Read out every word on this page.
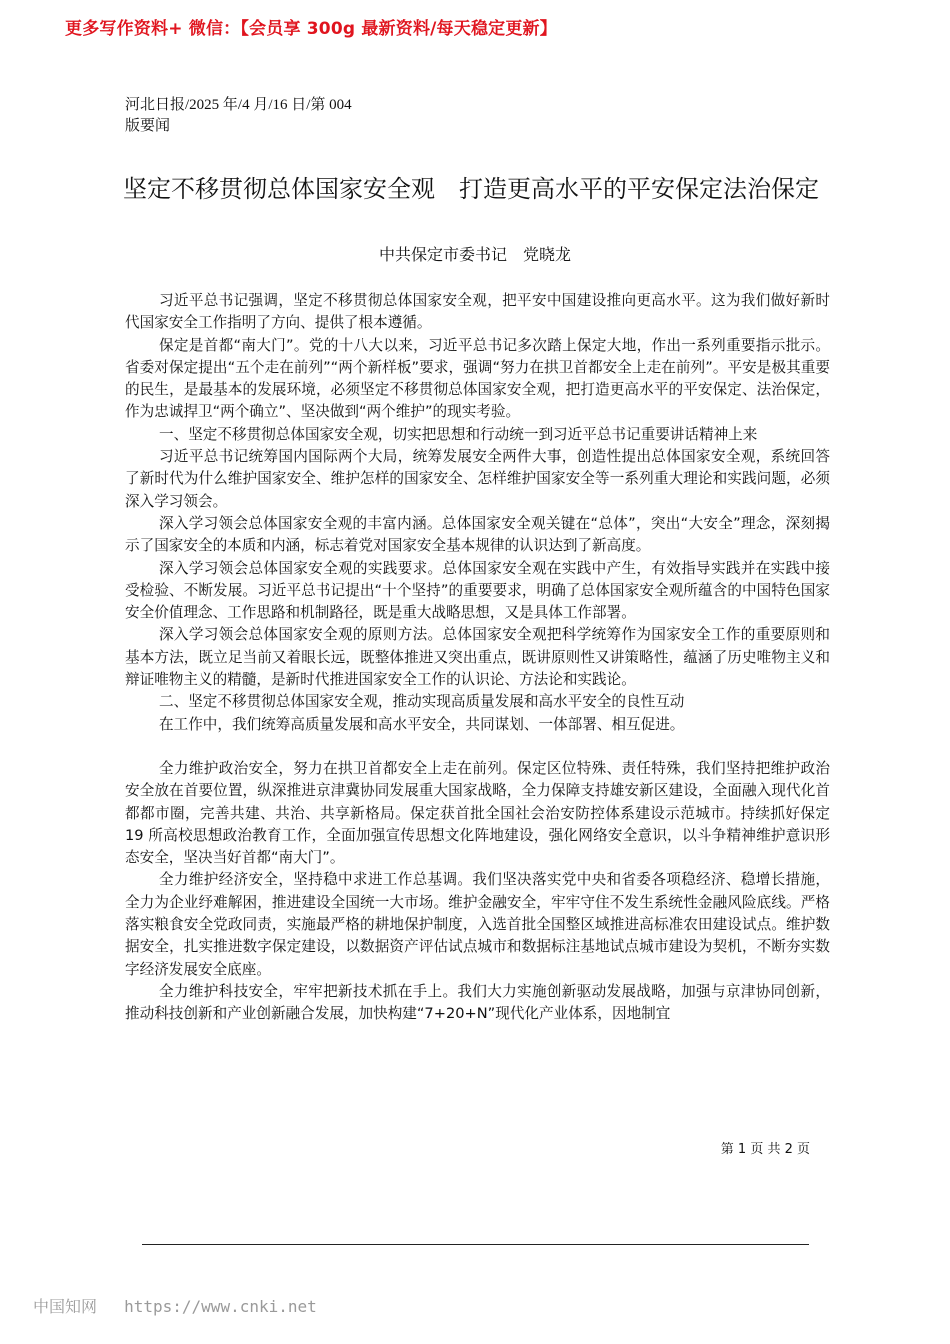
更多写作资料+ 微信：【会员享 300g 最新资料/每天稳定更新】
河北日报/2025 年/4 月/16 日/第 004
版要闻
坚定不移贯彻总体国家安全观　打造更高水平的平安保定法治保定
中共保定市委书记　党晓龙

习近平总书记强调，坚定不移贯彻总体国家安全观，把平安中国建设推向更高水平。这为我们做好新时代国家安全工作指明了方向、提供了根本遵循。

保定是首都“南大门”。党的十八大以来，习近平总书记多次踏上保定大地，作出一系列重要指示批示。省委对保定提出“五个走在前列”“两个新样板”要求，强调“努力在拱卫首都安全上走在前列”。平安是极其重要的民生，是最基本的发展环境，必须坚定不移贯彻总体国家安全观，把打造更高水平的平安保定、法治保定，作为忠诚捍卫“两个确立”、坚决做到“两个维护”的现实考验。

一、坚定不移贯彻总体国家安全观，切实把思想和行动统一到习近平总书记重要讲话精神上来

习近平总书记统筹国内国际两个大局，统筹发展安全两件大事，创造性提出总体国家安全观，系统回答了新时代为什么维护国家安全、维护怎样的国家安全、怎样维护国家安全等一系列重大理论和实践问题，必须深入学习领会。

深入学习领会总体国家安全观的丰富内涵。总体国家安全观关键在“总体”，突出“大安全”理念，深刻揭示了国家安全的本质和内涵，标志着党对国家安全基本规律的认识达到了新高度。

深入学习领会总体国家安全观的实践要求。总体国家安全观在实践中产生，有效指导实践并在实践中接受检验、不断发展。习近平总书记提出“十个坚持”的重要要求，明确了总体国家安全观所蕴含的中国特色国家安全价值理念、工作思路和机制路径，既是重大战略思想，又是具体工作部署。

深入学习领会总体国家安全观的原则方法。总体国家安全观把科学统筹作为国家安全工作的重要原则和基本方法，既立足当前又着眼长远，既整体推进又突出重点，既讲原则性又讲策略性，蕴涵了历史唯物主义和辩证唯物主义的精髓，是新时代推进国家安全工作的认识论、方法论和实践论。

二、坚定不移贯彻总体国家安全观，推动实现高质量发展和高水平安全的良性互动

在工作中，我们统筹高质量发展和高水平安全，共同谋划、一体部署、相互促进。

全力维护政治安全，努力在拱卫首都安全上走在前列。保定区位特殊、责任特殊，我们坚持把维护政治安全放在首要位置，纵深推进京津冀协同发展重大国家战略，全力保障支持雄安新区建设，全面融入现代化首都都市圈，完善共建、共治、共享新格局。保定获首批全国社会治安防控体系建设示范城市。持续抓好保定 19 所高校思想政治教育工作，全面加强宣传思想文化阵地建设，强化网络安全意识，以斗争精神维护意识形态安全，坚决当好首都“南大门”。

全力维护经济安全，坚持稳中求进工作总基调。我们坚决落实党中央和省委各项稳经济、稳增长措施，全力为企业纾难解困，推进建设全国统一大市场。维护金融安全，牢牢守住不发生系统性金融风险底线。严格落实粮食安全党政同责，实施最严格的耕地保护制度，入选首批全国整区域推进高标准农田建设试点。维护数据安全，扎实推进数字保定建设，以数据资产评估试点城市和数据标注基地试点城市建设为契机，不断夯实数字经济发展安全底座。

全力维护科技安全，牢牢把新技术抓在手上。我们大力实施创新驱动发展战略，加强与京津协同创新，推动科技创新和产业创新融合发展，加快构建“7+20+N”现代化产业体系，因地制宜

第 1 页 共 2 页
中国知网 https://www.cnki.net
